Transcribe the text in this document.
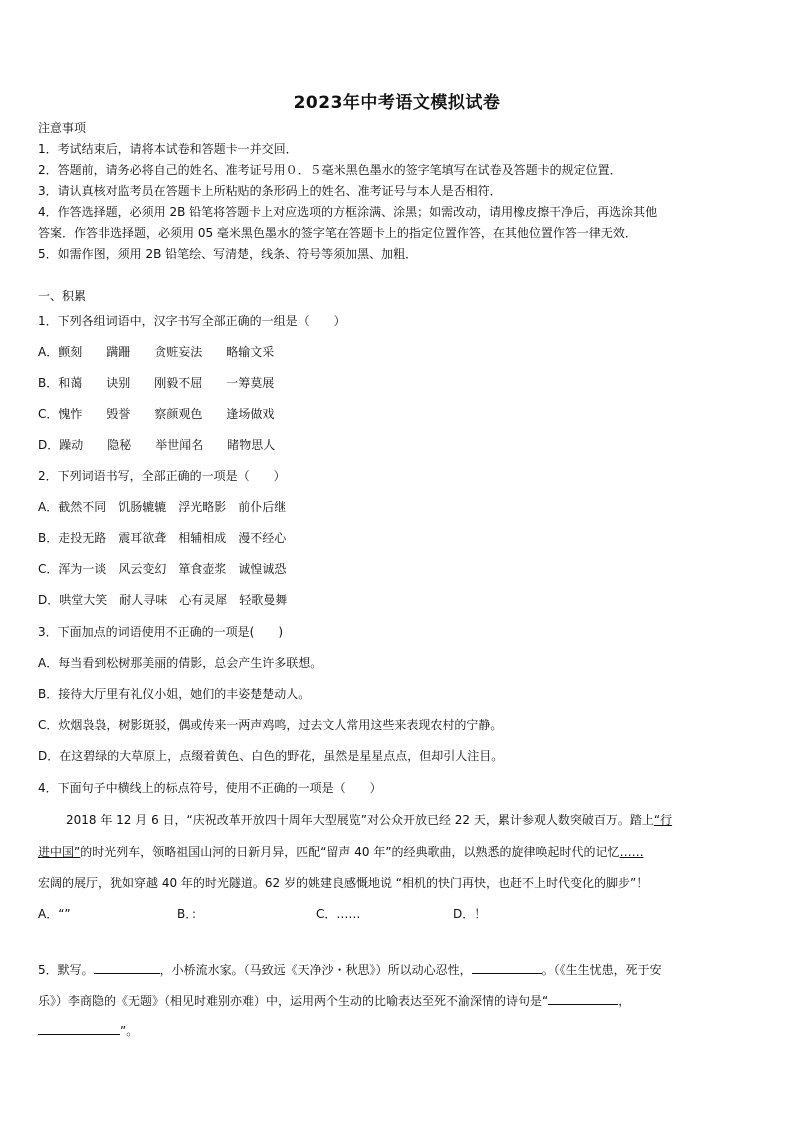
2023年中考语文模拟试卷
注意事项
1．考试结束后，请将本试卷和答题卡一并交回．
2．答题前，请务必将自己的姓名、准考证号用０．５毫米黑色墨水的签字笔填写在试卷及答题卡的规定位置．
3．请认真核对监考员在答题卡上所粘贴的条形码上的姓名、准考证号与本人是否相符．
4．作答选择题，必须用 2B 铅笔将答题卡上对应选项的方框涂满、涂黑；如需改动，请用橡皮擦干净后，再选涂其他
答案．作答非选择题，必须用 05 毫米黑色墨水的签字笔在答题卡上的指定位置作答，在其他位置作答一律无效．
5．如需作图，须用 2B 铅笔绘、写清楚，线条、符号等须加黑、加粗．
一、积累
1．下列各组词语中，汉字书写全部正确的一组是（　　）
A．颤刻　　蹒跚　　贪赃妄法　　略输文采
B．和蔼　　诀别　　刚毅不屈　　一筹莫展
C．愧怍　　毁誉　　察颜观色　　逢场做戏
D．躁动　　隐秘　　举世闻名　　睹物思人
2．下列词语书写，全部正确的一项是（　　）
A．截然不同　饥肠辘辘　浮光略影　前仆后继
B．走投无路　震耳欲聋　相辅相成　漫不经心
C．浑为一谈　风云变幻　箪食壶浆　诚惶诚恐
D．哄堂大笑　耐人寻味　心有灵犀　轻歌曼舞
3．下面加点的词语使用不正确的一项是(　　)
A．每当看到松树那美丽的倩影，总会产生许多联想。
B．接待大厅里有礼仪小姐，她们的丰姿楚楚动人。
C．炊烟袅袅，树影斑驳，偶或传来一两声鸡鸣，过去文人常用这些来表现农村的宁静。
D．在这碧绿的大草原上，点缀着黄色、白色的野花，虽然是星星点点，但却引人注目。
4．下面句子中横线上的标点符号，使用不正确的一项是（　　）
2018 年 12 月 6 日，“庆祝改革开放四十周年大型展览”对公众开放已经 22 天，累计参观人数突破百万。踏上“行
进中国”的时光列车，领略祖国山河的日新月异，匹配“留声 40 年”的经典歌曲，以熟悉的旋律唤起时代的记忆……
宏阔的展厅，犹如穿越 40 年的时光隧道。62 岁的姚建良感慨地说 “相机的快门再快，也赶不上时代变化的脚步”！
A．“”	B．：	C．……	D．！
5．默写。	，小桥流水家。（马致远《天净沙・秋思》）所以动心忍性，	。（《生生忧患，死于安
乐》）李商隐的《无题》（相见时难别亦难）中，运用两个生动的比喻表达至死不渝深情的诗句是“	，
”。
